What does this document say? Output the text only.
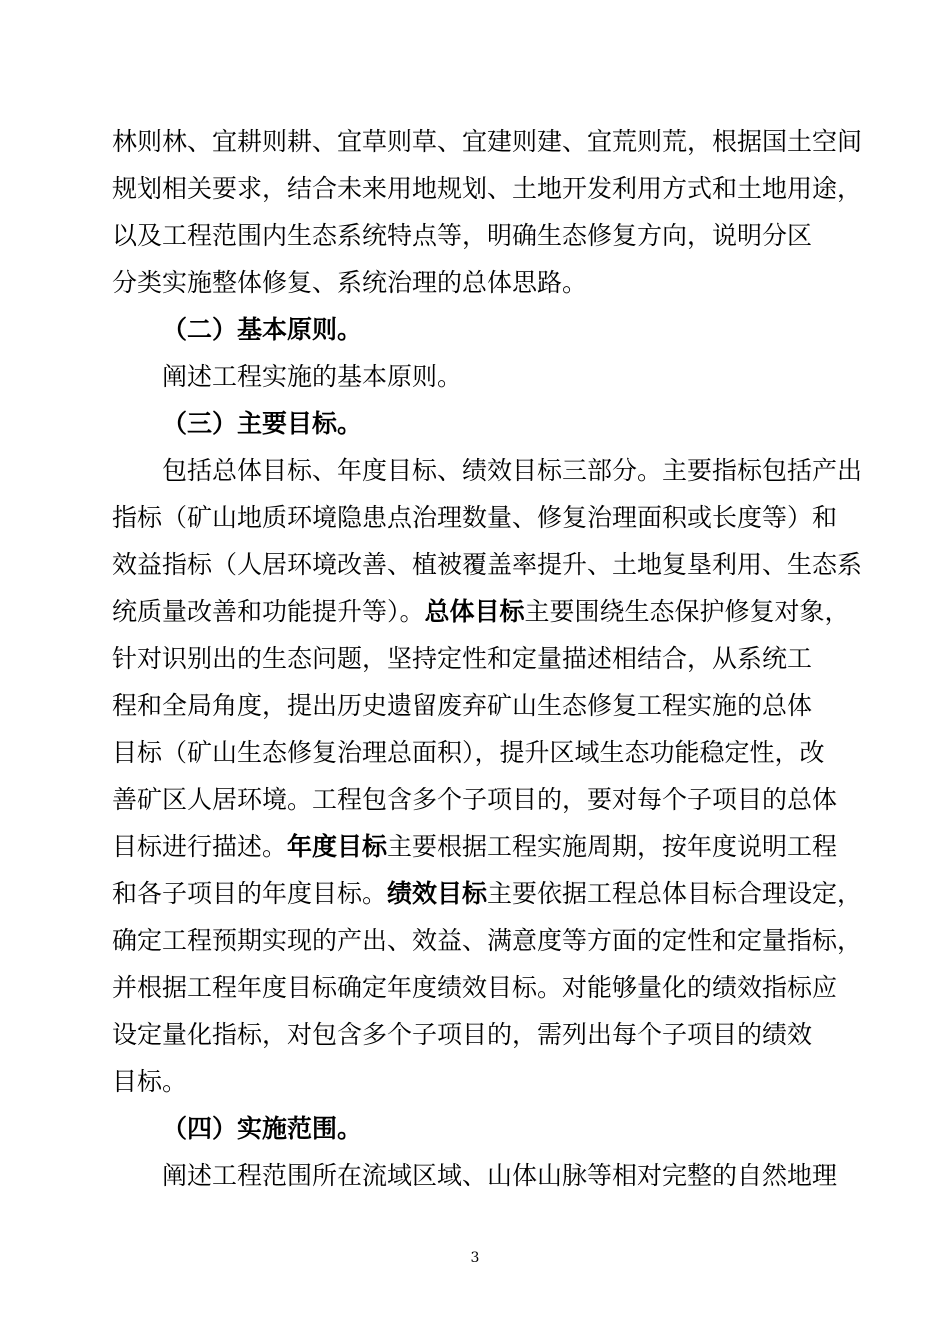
林则林、宜耕则耕、宜草则草、宜建则建、宜荒则荒，根据国土空间
规划相关要求，结合未来用地规划、土地开发利用方式和土地用途，
以及工程范围内生态系统特点等，明确生态修复方向，说明分区
分类实施整体修复、系统治理的总体思路。
（二）基本原则。
阐述工程实施的基本原则。
（三）主要目标。
包括总体目标、年度目标、绩效目标三部分。主要指标包括产出
指标（矿山地质环境隐患点治理数量、修复治理面积或长度等）和
效益指标（人居环境改善、植被覆盖率提升、土地复垦利用、生态系
统质量改善和功能提升等）。总体目标主要围绕生态保护修复对象，
针对识别出的生态问题，坚持定性和定量描述相结合，从系统工
程和全局角度，提出历史遗留废弃矿山生态修复工程实施的总体
目标（矿山生态修复治理总面积），提升区域生态功能稳定性，改
善矿区人居环境。工程包含多个子项目的，要对每个子项目的总体
目标进行描述。年度目标主要根据工程实施周期，按年度说明工程
和各子项目的年度目标。绩效目标主要依据工程总体目标合理设定，
确定工程预期实现的产出、效益、满意度等方面的定性和定量指标，
并根据工程年度目标确定年度绩效目标。对能够量化的绩效指标应
设定量化指标，对包含多个子项目的，需列出每个子项目的绩效
目标。
（四）实施范围。
阐述工程范围所在流域区域、山体山脉等相对完整的自然地理
3
